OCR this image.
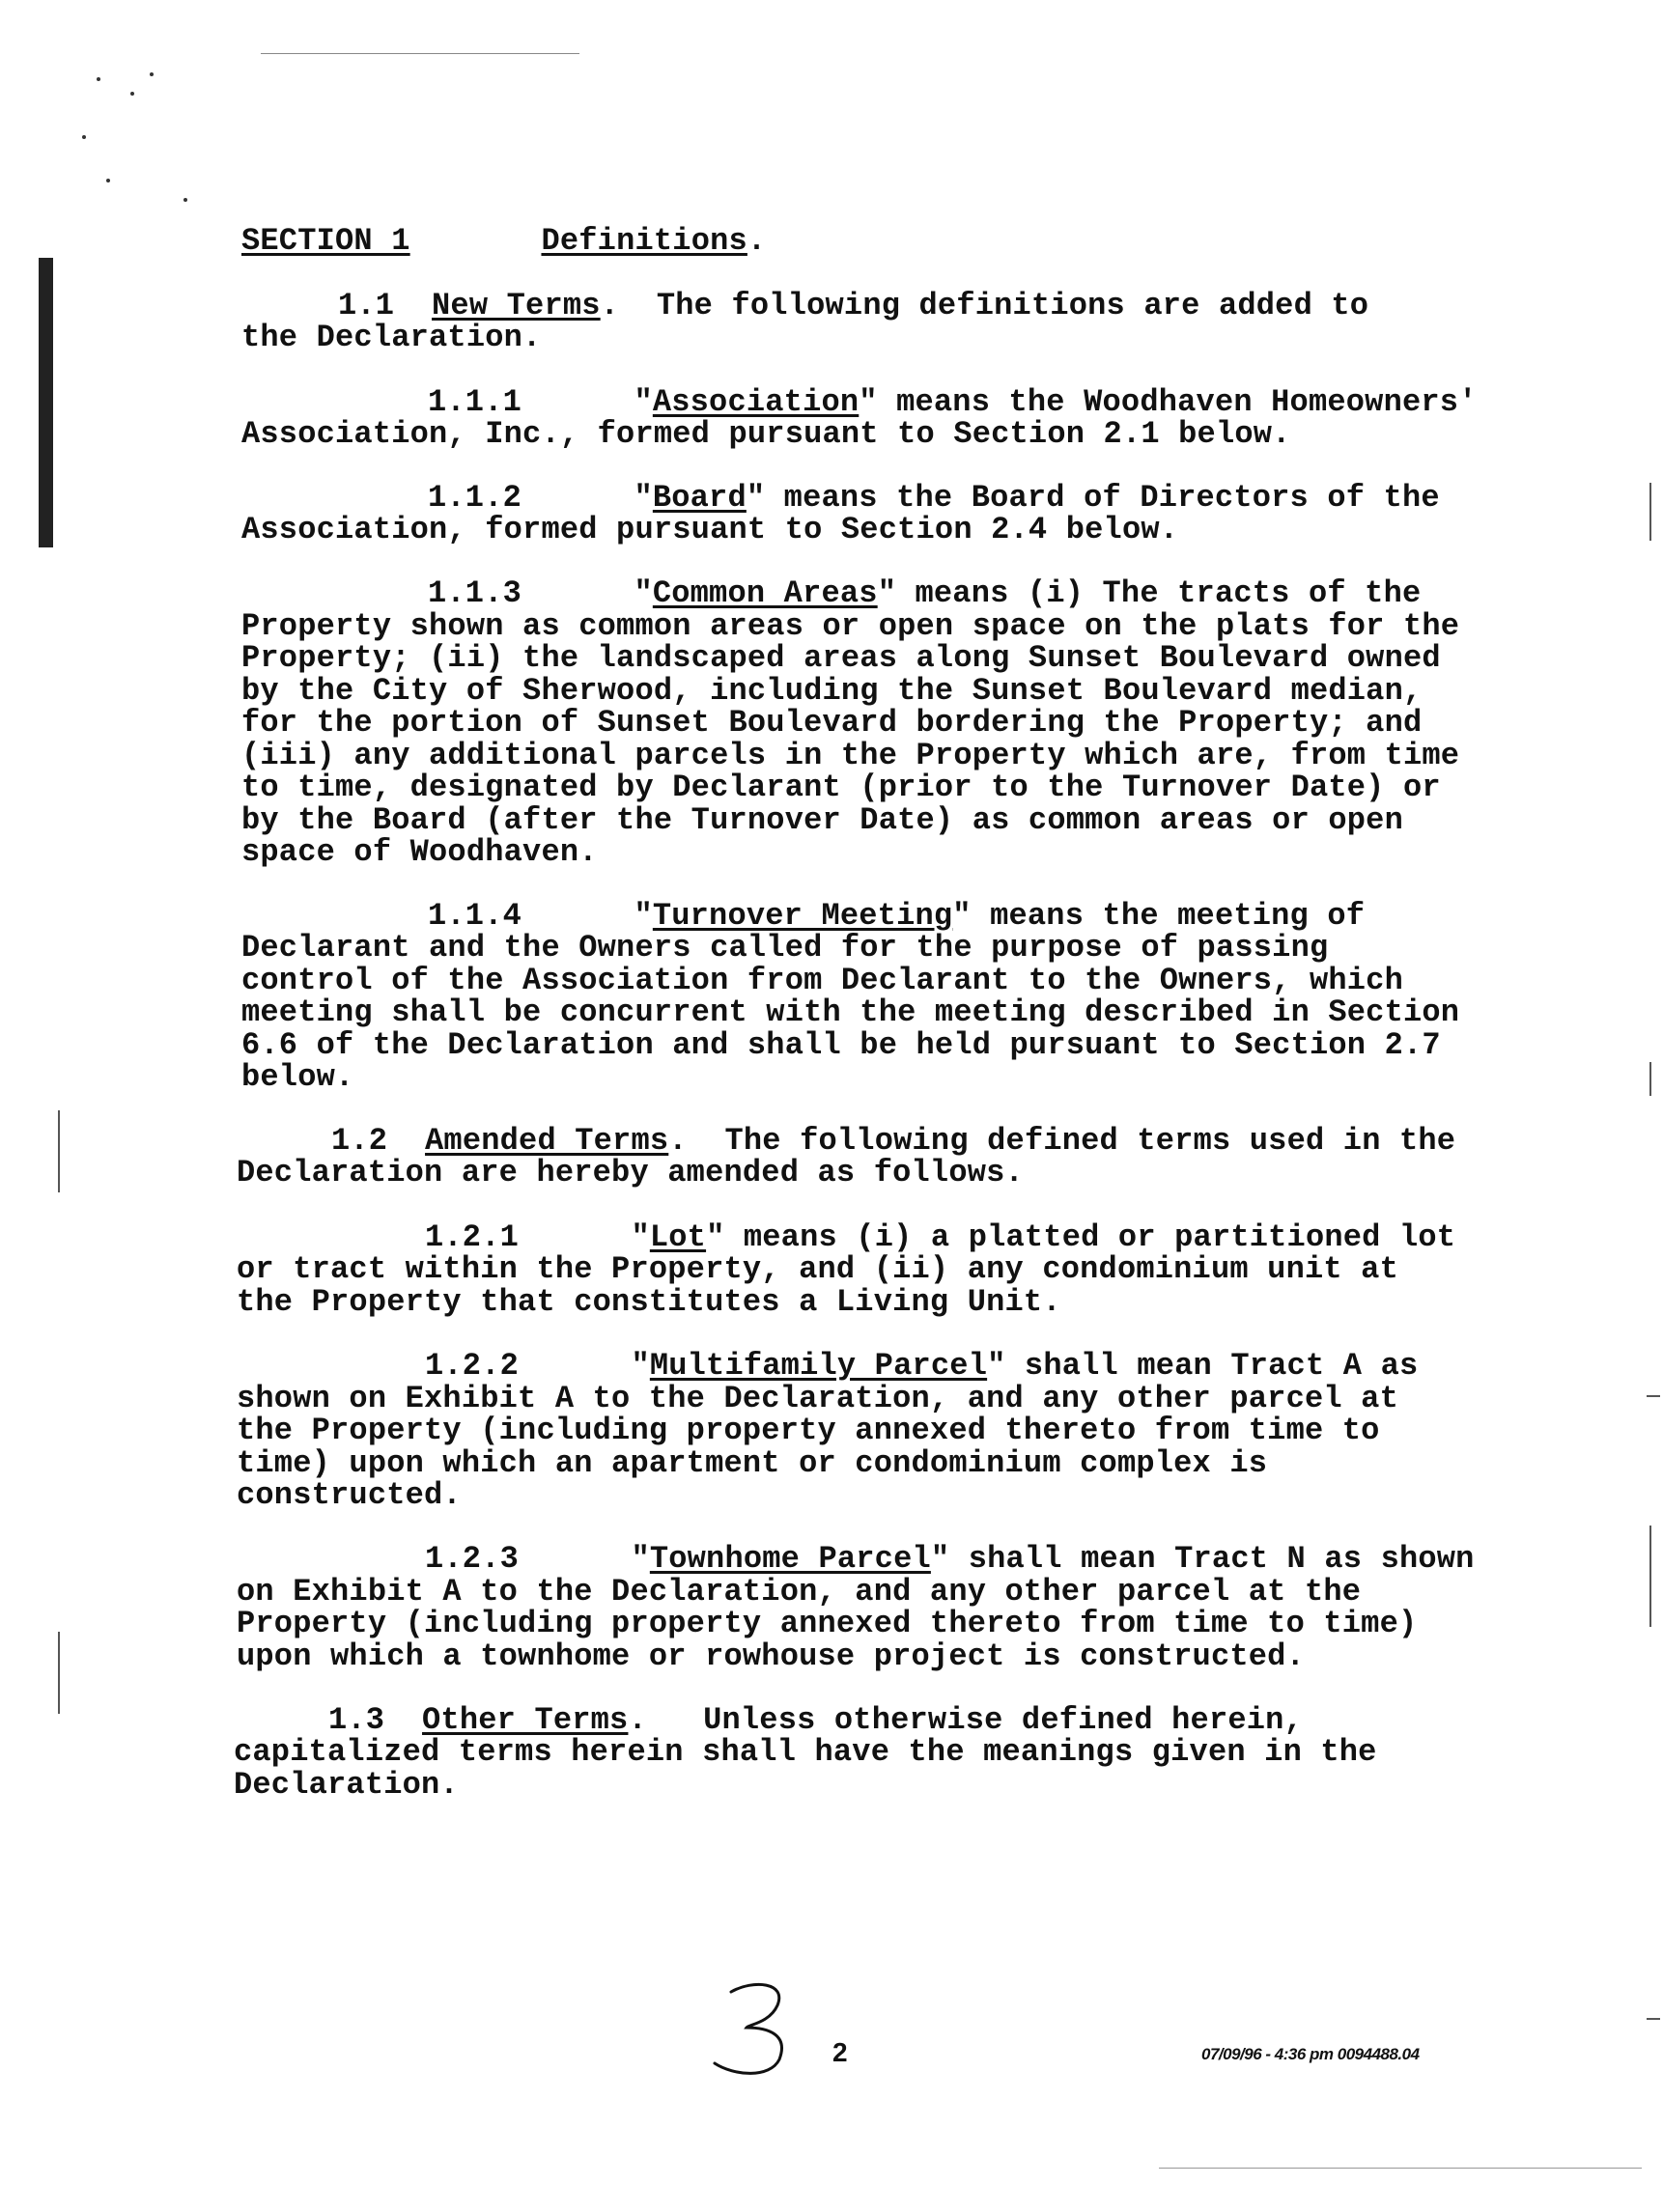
SECTION 1	Definitions.
1.1 New Terms.  The following definitions are added to
the Declaration.
1.1.1	"Association" means the Woodhaven Homeowners'
Association, Inc., formed pursuant to Section 2.1 below.
1.1.2	"Board" means the Board of Directors of the
Association, formed pursuant to Section 2.4 below.
1.1.3	"Common Areas" means (i) The tracts of the
Property shown as common areas or open space on the plats for the
Property; (ii) the landscaped areas along Sunset Boulevard owned
by the City of Sherwood, including the Sunset Boulevard median,
for the portion of Sunset Boulevard bordering the Property; and
(iii) any additional parcels in the Property which are, from time
to time, designated by Declarant (prior to the Turnover Date) or
by the Board (after the Turnover Date) as common areas or open
space of Woodhaven.
1.1.4	"Turnover Meeting" means the meeting of
Declarant and the Owners called for the purpose of passing
control of the Association from Declarant to the Owners, which
meeting shall be concurrent with the meeting described in Section
6.6 of the Declaration and shall be held pursuant to Section 2.7
below.
1.2 Amended Terms.  The following defined terms used in the
Declaration are hereby amended as follows.
1.2.1	"Lot" means (i) a platted or partitioned lot
or tract within the Property, and (ii) any condominium unit at
the Property that constitutes a Living Unit.
1.2.2	"Multifamily Parcel" shall mean Tract A as
shown on Exhibit A to the Declaration, and any other parcel at
the Property (including property annexed thereto from time to
time) upon which an apartment or condominium complex is
constructed.
1.2.3	"Townhome Parcel" shall mean Tract N as shown
on Exhibit A to the Declaration, and any other parcel at the
Property (including property annexed thereto from time to time)
upon which a townhome or rowhouse project is constructed.
1.3 Other Terms.   Unless otherwise defined herein,
capitalized terms herein shall have the meanings given in the
Declaration.
2	07/09/96 - 4:36 pm 0094488.04
